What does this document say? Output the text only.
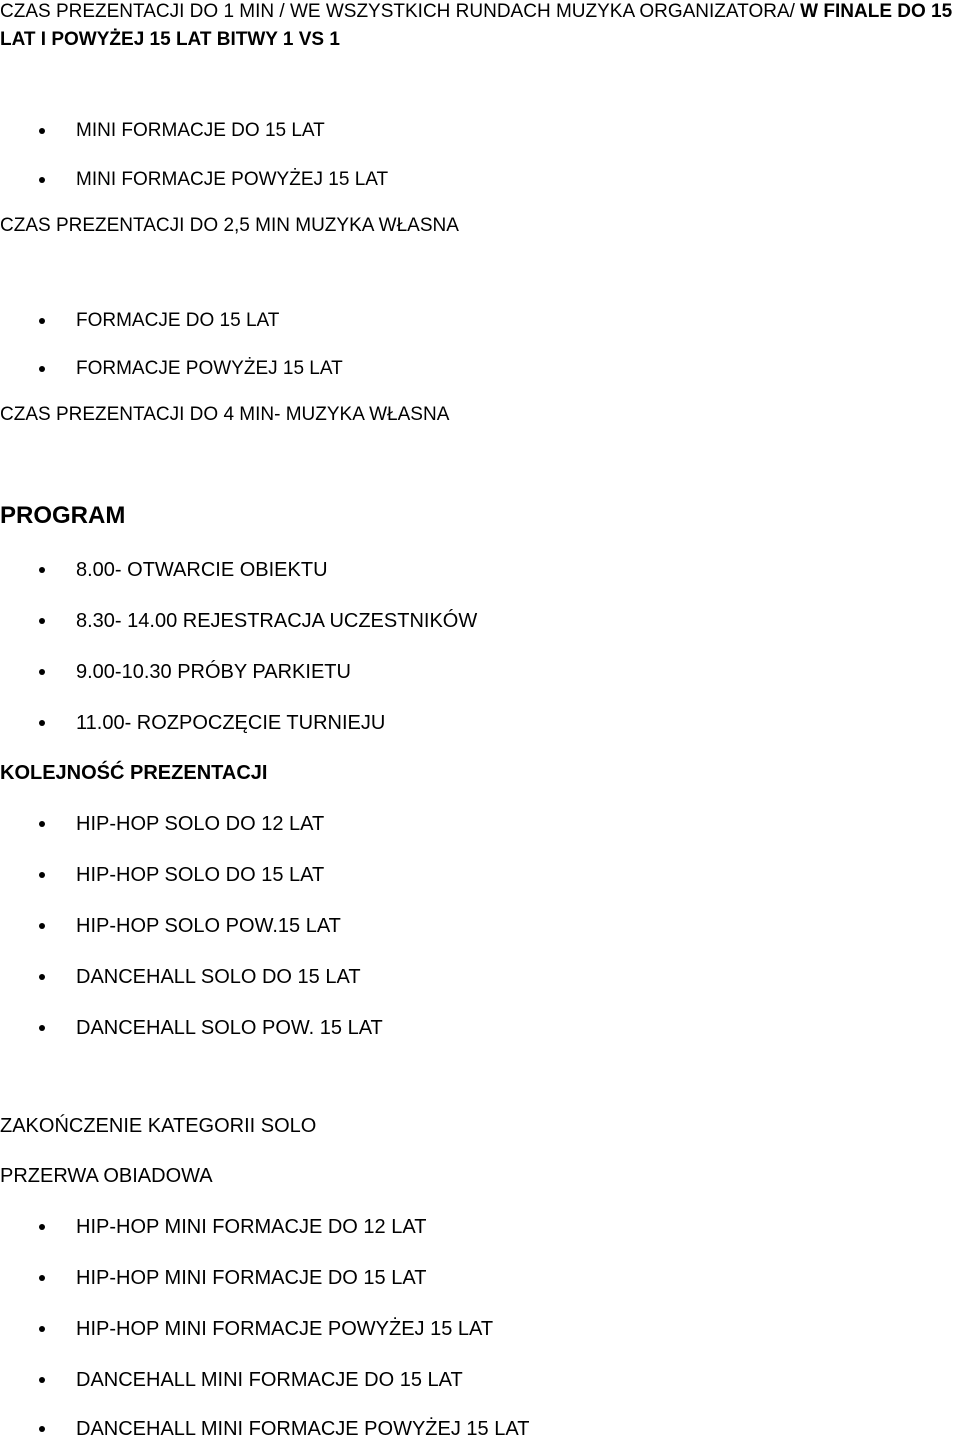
CZAS PREZENTACJI DO 1 MIN / WE WSZYSTKICH RUNDACH MUZYKA ORGANIZATORA/ W FINALE DO 15 LAT I POWYŻEJ 15 LAT BITWY 1 VS 1
MINI FORMACJE DO 15 LAT
MINI FORMACJE POWYŻEJ 15 LAT
CZAS PREZENTACJI DO 2,5 MIN MUZYKA WŁASNA
FORMACJE DO 15 LAT
FORMACJE POWYŻEJ 15 LAT
CZAS PREZENTACJI DO 4 MIN- MUZYKA WŁASNA
PROGRAM
8.00- OTWARCIE OBIEKTU
8.30- 14.00 REJESTRACJA UCZESTNIKÓW
9.00-10.30 PRÓBY PARKIETU
11.00- ROZPOCZĘCIE TURNIEJU
KOLEJNOŚĆ PREZENTACJI
HIP-HOP SOLO DO 12 LAT
HIP-HOP SOLO DO 15 LAT
HIP-HOP SOLO POW.15 LAT
DANCEHALL SOLO DO 15 LAT
DANCEHALL SOLO POW. 15 LAT
ZAKOŃCZENIE KATEGORII SOLO
PRZERWA OBIADOWA
HIP-HOP MINI FORMACJE DO 12 LAT
HIP-HOP MINI FORMACJE DO 15 LAT
HIP-HOP MINI FORMACJE POWYŻEJ 15 LAT
DANCEHALL MINI FORMACJE DO 15 LAT
DANCEHALL MINI FORMACJE POWYŻEJ 15 LAT
